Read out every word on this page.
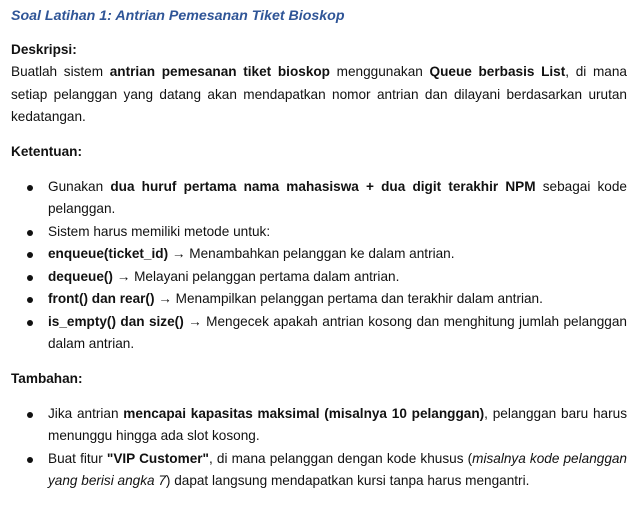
Soal Latihan 1: Antrian Pemesanan Tiket Bioskop
Deskripsi:
Buatlah sistem antrian pemesanan tiket bioskop menggunakan Queue berbasis List, di mana setiap pelanggan yang datang akan mendapatkan nomor antrian dan dilayani berdasarkan urutan kedatangan.
Ketentuan:
Gunakan dua huruf pertama nama mahasiswa + dua digit terakhir NPM sebagai kode pelanggan.
Sistem harus memiliki metode untuk:
enqueue(ticket_id) → Menambahkan pelanggan ke dalam antrian.
dequeue() → Melayani pelanggan pertama dalam antrian.
front() dan rear() → Menampilkan pelanggan pertama dan terakhir dalam antrian.
is_empty() dan size() → Mengecek apakah antrian kosong dan menghitung jumlah pelanggan dalam antrian.
Tambahan:
Jika antrian mencapai kapasitas maksimal (misalnya 10 pelanggan), pelanggan baru harus menunggu hingga ada slot kosong.
Buat fitur "VIP Customer", di mana pelanggan dengan kode khusus (misalnya kode pelanggan yang berisi angka 7) dapat langsung mendapatkan kursi tanpa harus mengantri.
